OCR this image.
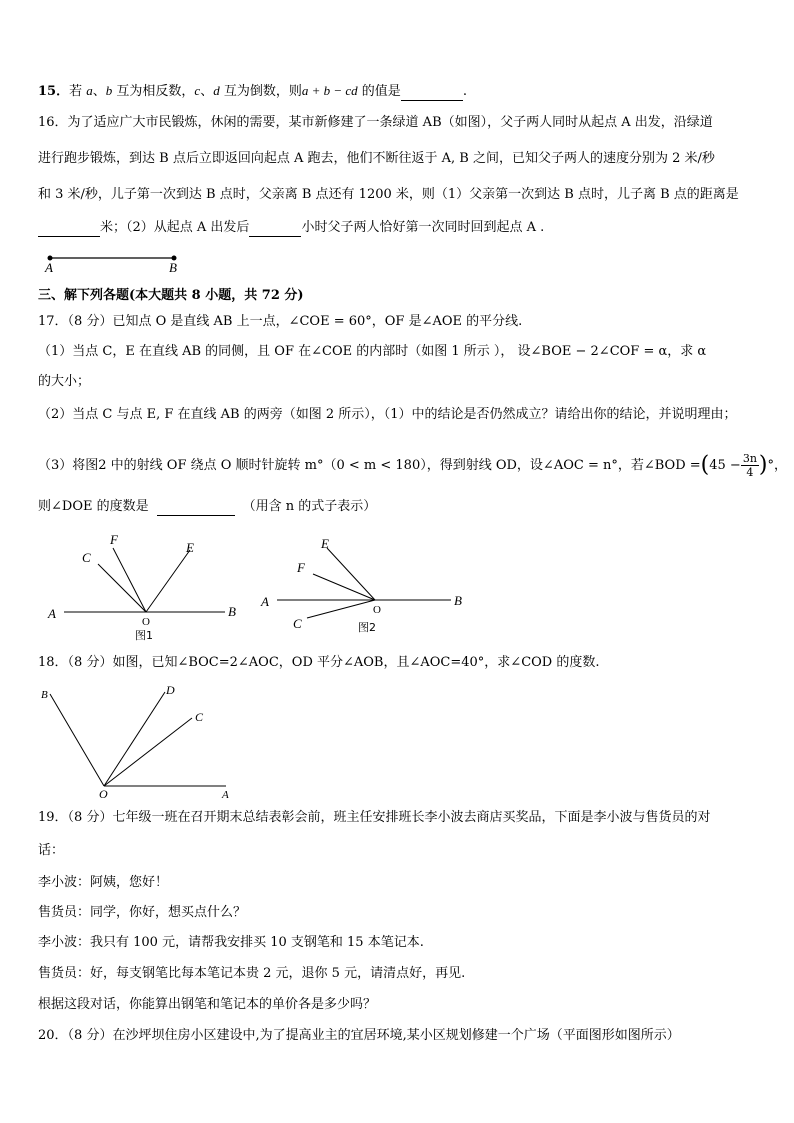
15．若 a、b 互为相反数，c、d 互为倒数，则a + b − cd 的值是	.
16．为了适应广大市民锻炼，休闲的需要，某市新修建了一条绿道 AB（如图），父子两人同时从起点 A 出发，沿绿道
进行跑步锻炼，到达 B 点后立即返回向起点 A 跑去，他们不断往返于 A, B 之间，已知父子两人的速度分别为 2 米/秒
和 3 米/秒，儿子第一次到达 B 点时，父亲离 B 点还有 1200 米，则（1）父亲第一次到达 B 点时，儿子离 B 点的距离是
米；（2）从起点 A 出发后	小时父子两人恰好第一次同时回到起点 A .
A	B
三、解下列各题(本大题共 8 小题，共 72 分)
17．（8 分）已知点 O 是直线 AB 上一点，∠COE = 60°，OF 是∠AOE 的平分线.
（1）当点 C，E 在直线 AB 的同侧，且 OF 在∠COE 的内部时（如图 1 所示 ）， 设∠BOE − 2∠COF = α，求 α
的大小；
（2）当点 C 与点 E, F 在直线 AB 的两旁（如图 2 所示），（1）中的结论是否仍然成立？请给出你的结论，并说明理由；
（3）将图2 中的射线 OF 绕点 O 顺时针旋转 m°（0 < m < 180），得到射线 OD，设∠AOC = n°，若∠BOD $=(45 - \frac{3n}{4})^\circ$，
则∠DOE 的度数是	（用含 n 的式子表示）
C
F
E
A
O
B
图1
E
F
A
O
B
C	图2
18．（8 分）如图，已知∠BOC=2∠AOC，OD 平分∠AOB，且∠AOC=40°，求∠COD 的度数.
B	D
C
O	A
19．（8 分）七年级一班在召开期末总结表彰会前，班主任安排班长李小波去商店买奖品，下面是李小波与售货员的对
话：
李小波：阿姨，您好！
售货员：同学，你好，想买点什么？
李小波：我只有 100 元，请帮我安排买 10 支钢笔和 15 本笔记本.
售货员：好，每支钢笔比每本笔记本贵 2 元，退你 5 元，请清点好，再见.
根据这段对话，你能算出钢笔和笔记本的单价各是多少吗？
20．（8 分）在沙坪坝住房小区建设中,为了提高业主的宜居环境,某小区规划修建一个广场（平面图形如图所示）
